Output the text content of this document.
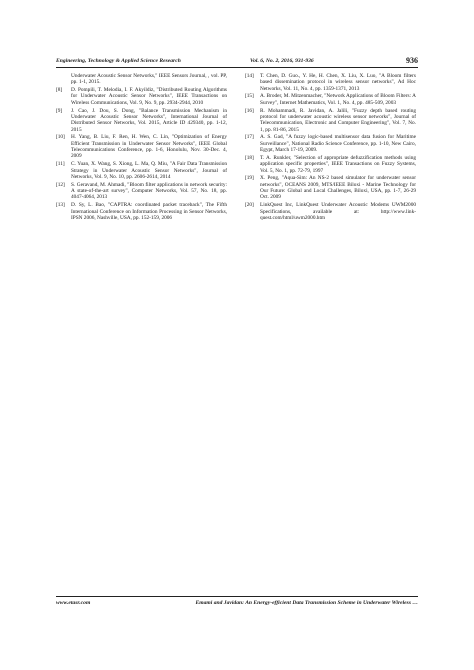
Engineering, Technology & Applied Science Research	Vol. 6, No. 2, 2016, 931-936	936
Underwater Acoustic Sensor Networks," IEEE Sensors Journal, , vol. PP, pp. 1-1, 2015.
[8] D. Pompili, T. Melodia, I. F. Akyildiz, "Distributed Routing Algorithms for Underwater Acoustic Sensor Networks", IEEE Transactions on Wireless Communications, Vol. 9, No. 9, pp. 2934-2944, 2010
[9] J. Cao, J. Dou, S. Dong, "Balance Transmission Mechanism in Underwater Acoustic Sensor Networks", International Journal of Distributed Sensor Networks, Vol. 2015, Article ID 429340, pp. 1-12, 2015
[10] H. Yang, B. Liu, F. Ren, H. Wen, C. Lin, "Optimization of Energy Efficient Transmission in Underwater Sensor Networks", IEEE Global Telecommunications Conference, pp. 1-6, Honolulu, Nov. 30-Dec. 4, 2009
[11] C. Yuan, X. Wang, S. Xiong, L. Ma, Q. Miu, "A Fair Data Transmission Strategy in Underwater Acoustic Sensor Networks", Journal of Networks, Vol. 9, No. 10, pp. 2606-2614, 2014
[12] S. Geravand, M. Ahmadi, "Bloom filter applications in network security: A state-of-the-art survey", Computer Networks, Vol. 57, No. 18, pp. 4047-4064, 2013
[13] D. Sy, L. Bao, "CAPTRA: coordinated packet traceback", The Fifth International Conference on Information Processing in Sensor Networks, IPSN 2006, Nashville, USA, pp. 152-159, 2006
[14] T. Chen, D. Guo., Y. He, H. Chen, X. Liu, X. Luo, "A Bloom filters based dissemination protocol in wireless sensor networks", Ad Hoc Networks, Vol. 11, No. 4, pp. 1359-1371, 2013
[15] A. Broder, M. Mitzenmacher, "Network Applications of Bloom Filters: A Survey", Internet Mathematics, Vol. 1, No. 4, pp. 485-509, 2003
[16] R. Mohammadi, R. Javidan, A. Jalili, "Fuzzy depth based routing protocol for underwater acoustic wireless sensor networks", Journal of Telecommunication, Electronic and Computer Engineering", Vol. 7, No. 1, pp. 81-86, 2015
[17] A. S. Gad, "A fuzzy logic-based multisensor data fusion for Maritime Surveillance", National Radio Science Conference, pp. 1-10, New Cairo, Egypt, March 17-19, 2009.
[18] T. A. Runkler, "Selection of appropriate defuzzification methods using application specific properties", IEEE Transactions on Fuzzy Systems, Vol. 5, No. 1, pp. 72-79, 1997
[19] X. Peng, "Aqua-Sim: An NS-2 based simulator for underwater sensor networks", OCEANS 2009, MTS/IEEE Biloxi - Marine Technology for Our Future: Global and Local Challenges, Biloxi, USA, pp. 1-7, 26-29 Oct. 2009
[20] LinkQuest Inc, LinkQuest Underwater Acoustic Modems UWM2000 Specifications, available at: http://www.link-quest.com/html/uwm2000.htm
www.etasr.com	Emami and Javidan: An Energy-efficient Data Transmission Scheme in Underwater Wireless …
